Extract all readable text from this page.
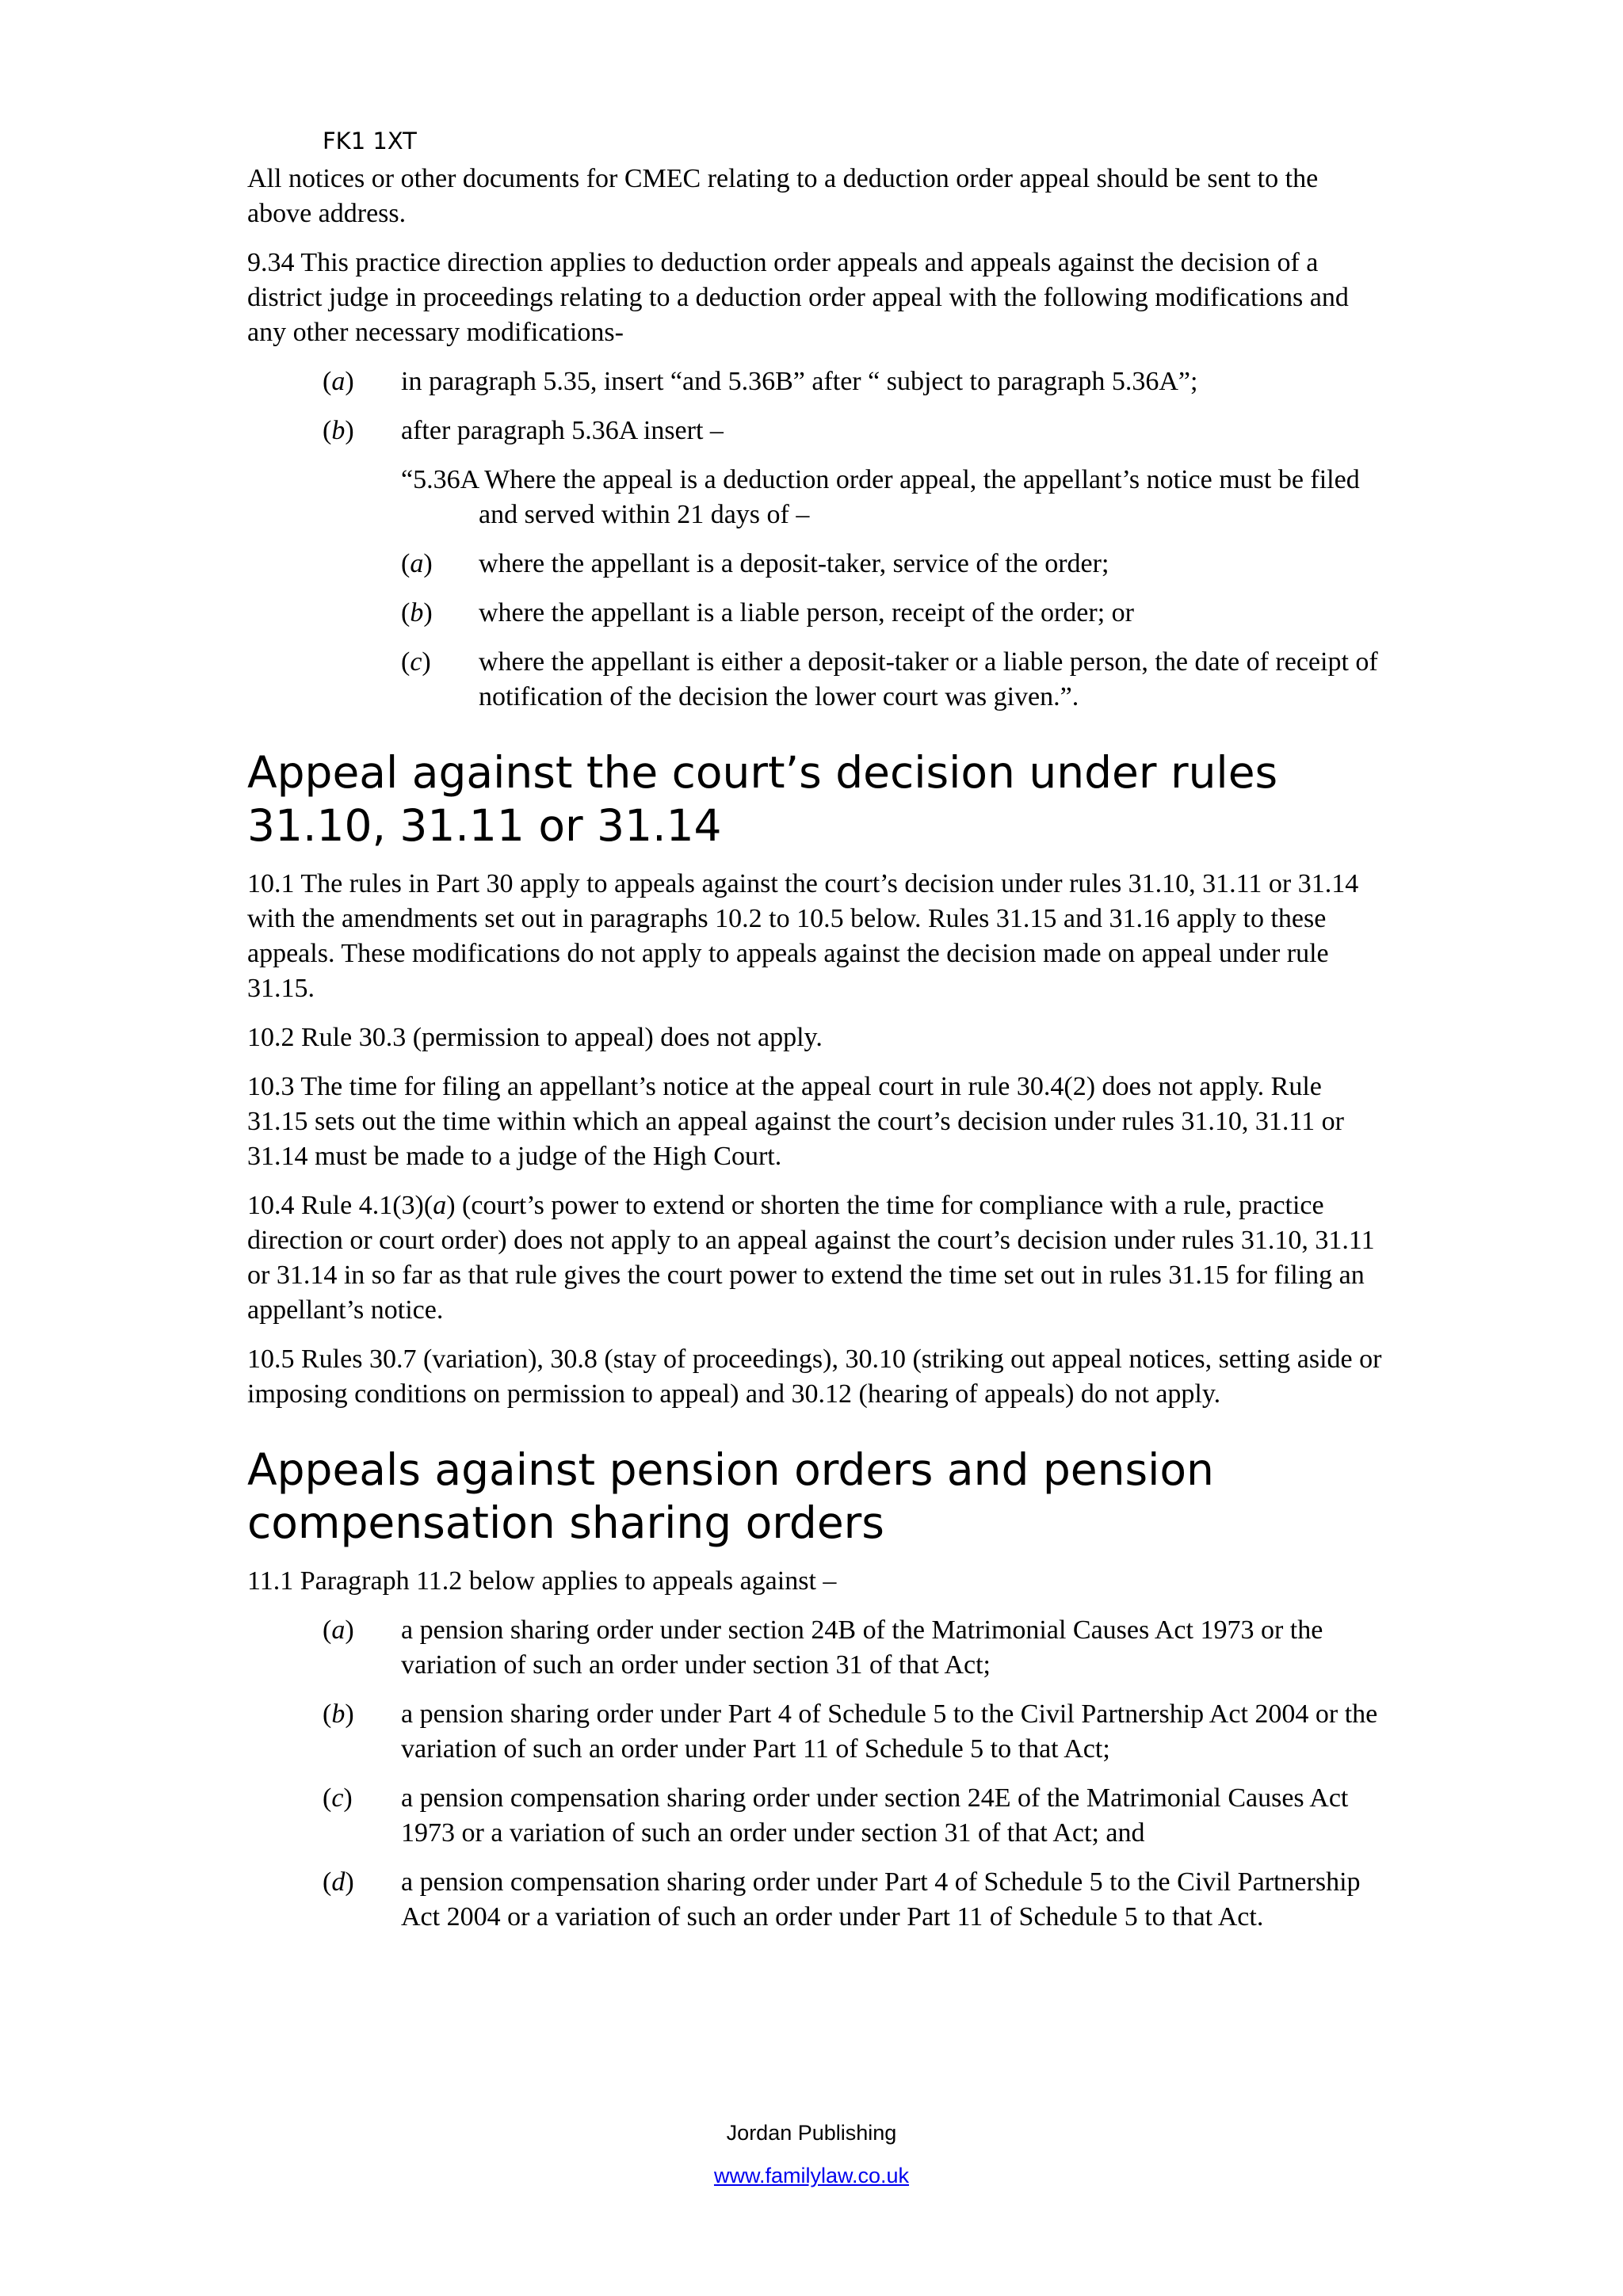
FK1 1XT

All notices or other documents for CMEC relating to a deduction order appeal should be sent to the above address.

9.34 This practice direction applies to deduction order appeals and appeals against the decision of a district judge in proceedings relating to a deduction order appeal with the following modifications and any other necessary modifications-

(a)	in paragraph 5.35, insert “and 5.36B” after “ subject to paragraph 5.36A”;
(b)	after paragraph 5.36A insert –

“5.36A Where the appeal is a deduction order appeal, the appellant’s notice must be filed and served within 21 days of –

(a)	where the appellant is a deposit-taker, service of the order;
(b)	where the appellant is a liable person, receipt of the order; or
(c)	where the appellant is either a deposit-taker or a liable person, the date of receipt of notification of the decision the lower court was given.”.
Appeal against the court’s decision under rules 31.10, 31.11 or 31.14

10.1 The rules in Part 30 apply to appeals against the court’s decision under rules 31.10, 31.11 or 31.14 with the amendments set out in paragraphs 10.2 to 10.5 below. Rules 31.15 and 31.16 apply to these appeals. These modifications do not apply to appeals against the decision made on appeal under rule 31.15.

10.2 Rule 30.3 (permission to appeal) does not apply.

10.3 The time for filing an appellant’s notice at the appeal court in rule 30.4(2) does not apply. Rule 31.15 sets out the time within which an appeal against the court’s decision under rules 31.10, 31.11 or 31.14 must be made to a judge of the High Court.

10.4 Rule 4.1(3)(a) (court’s power to extend or shorten the time for compliance with a rule, practice direction or court order) does not apply to an appeal against the court’s decision under rules 31.10, 31.11 or 31.14 in so far as that rule gives the court power to extend the time set out in rules 31.15 for filing an appellant’s notice.

10.5 Rules 30.7 (variation), 30.8 (stay of proceedings), 30.10 (striking out appeal notices, setting aside or imposing conditions on permission to appeal) and 30.12 (hearing of appeals) do not apply.

Appeals against pension orders and pension compensation sharing orders

11.1 Paragraph 11.2 below applies to appeals against –

(a)	a pension sharing order under section 24B of the Matrimonial Causes Act 1973 or the variation of such an order under section 31 of that Act;
(b)	a pension sharing order under Part 4 of Schedule 5 to the Civil Partnership Act 2004 or the variation of such an order under Part 11 of Schedule 5 to that Act;
(c)	a pension compensation sharing order under section 24E of the Matrimonial Causes Act 1973 or a variation of such an order under section 31 of that Act; and
(d)	a pension compensation sharing order under Part 4 of Schedule 5 to the Civil Partnership Act 2004 or a variation of such an order under Part 11 of Schedule 5 to that Act.
Jordan Publishing
www.familylaw.co.uk
